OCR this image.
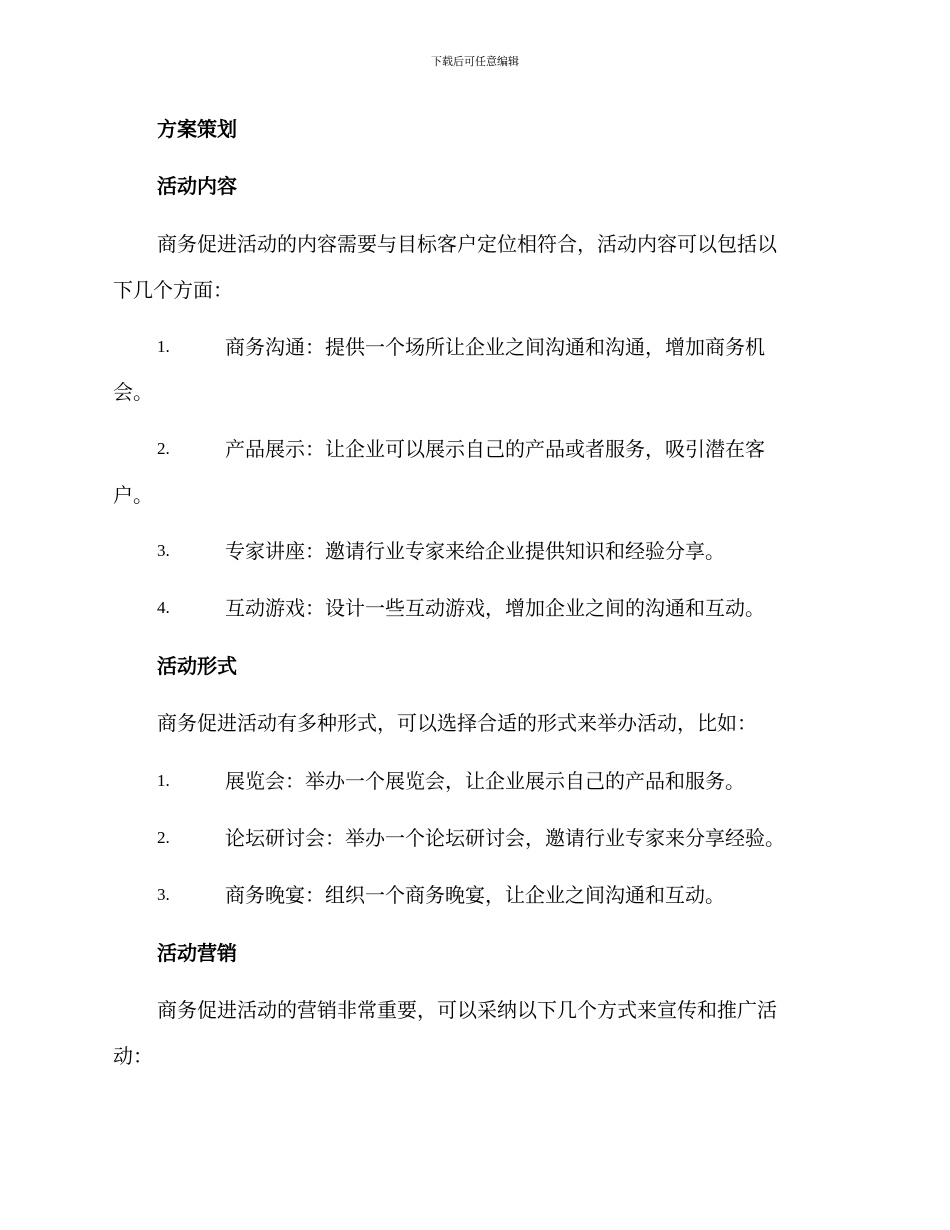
下载后可任意编辑
方案策划
活动内容
商务促进活动的内容需要与目标客户定位相符合，活动内容可以包括以
下几个方面：
1.	商务沟通：提供一个场所让企业之间沟通和沟通，增加商务机
会。
2.	产品展示：让企业可以展示自己的产品或者服务，吸引潜在客
户。
3.	专家讲座：邀请行业专家来给企业提供知识和经验分享。
4.	互动游戏：设计一些互动游戏，增加企业之间的沟通和互动。
活动形式
商务促进活动有多种形式，可以选择合适的形式来举办活动，比如：
1.	展览会：举办一个展览会，让企业展示自己的产品和服务。
2.	论坛研讨会：举办一个论坛研讨会，邀请行业专家来分享经验。
3.	商务晚宴：组织一个商务晚宴，让企业之间沟通和互动。
活动营销
商务促进活动的营销非常重要，可以采纳以下几个方式来宣传和推广活
动：
